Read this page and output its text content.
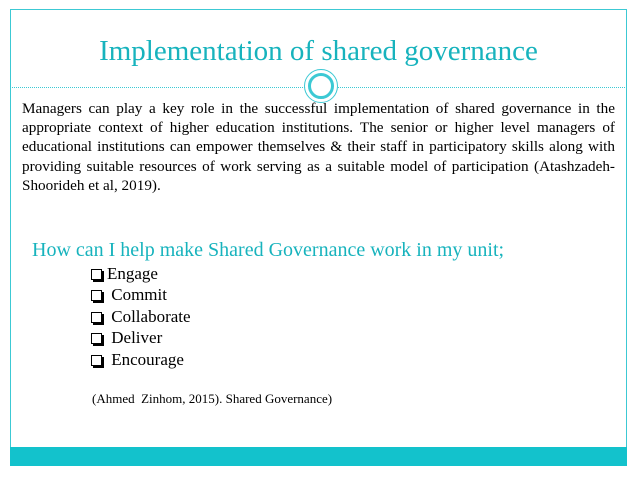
Implementation of shared governance

Managers can play a key role in the successful implementation of shared governance in the appropriate context of higher education institutions. The senior or higher level managers of educational institutions can empower themselves & their staff in participatory skills along with providing suitable resources of work serving as a suitable model of participation (Atashzadeh-Shoorideh et al, 2019).

How can I help make Shared Governance work in my unit;
Engage
Commit
Collaborate
Deliver
Encourage
(Ahmed  Zinhom, 2015). Shared Governance)
